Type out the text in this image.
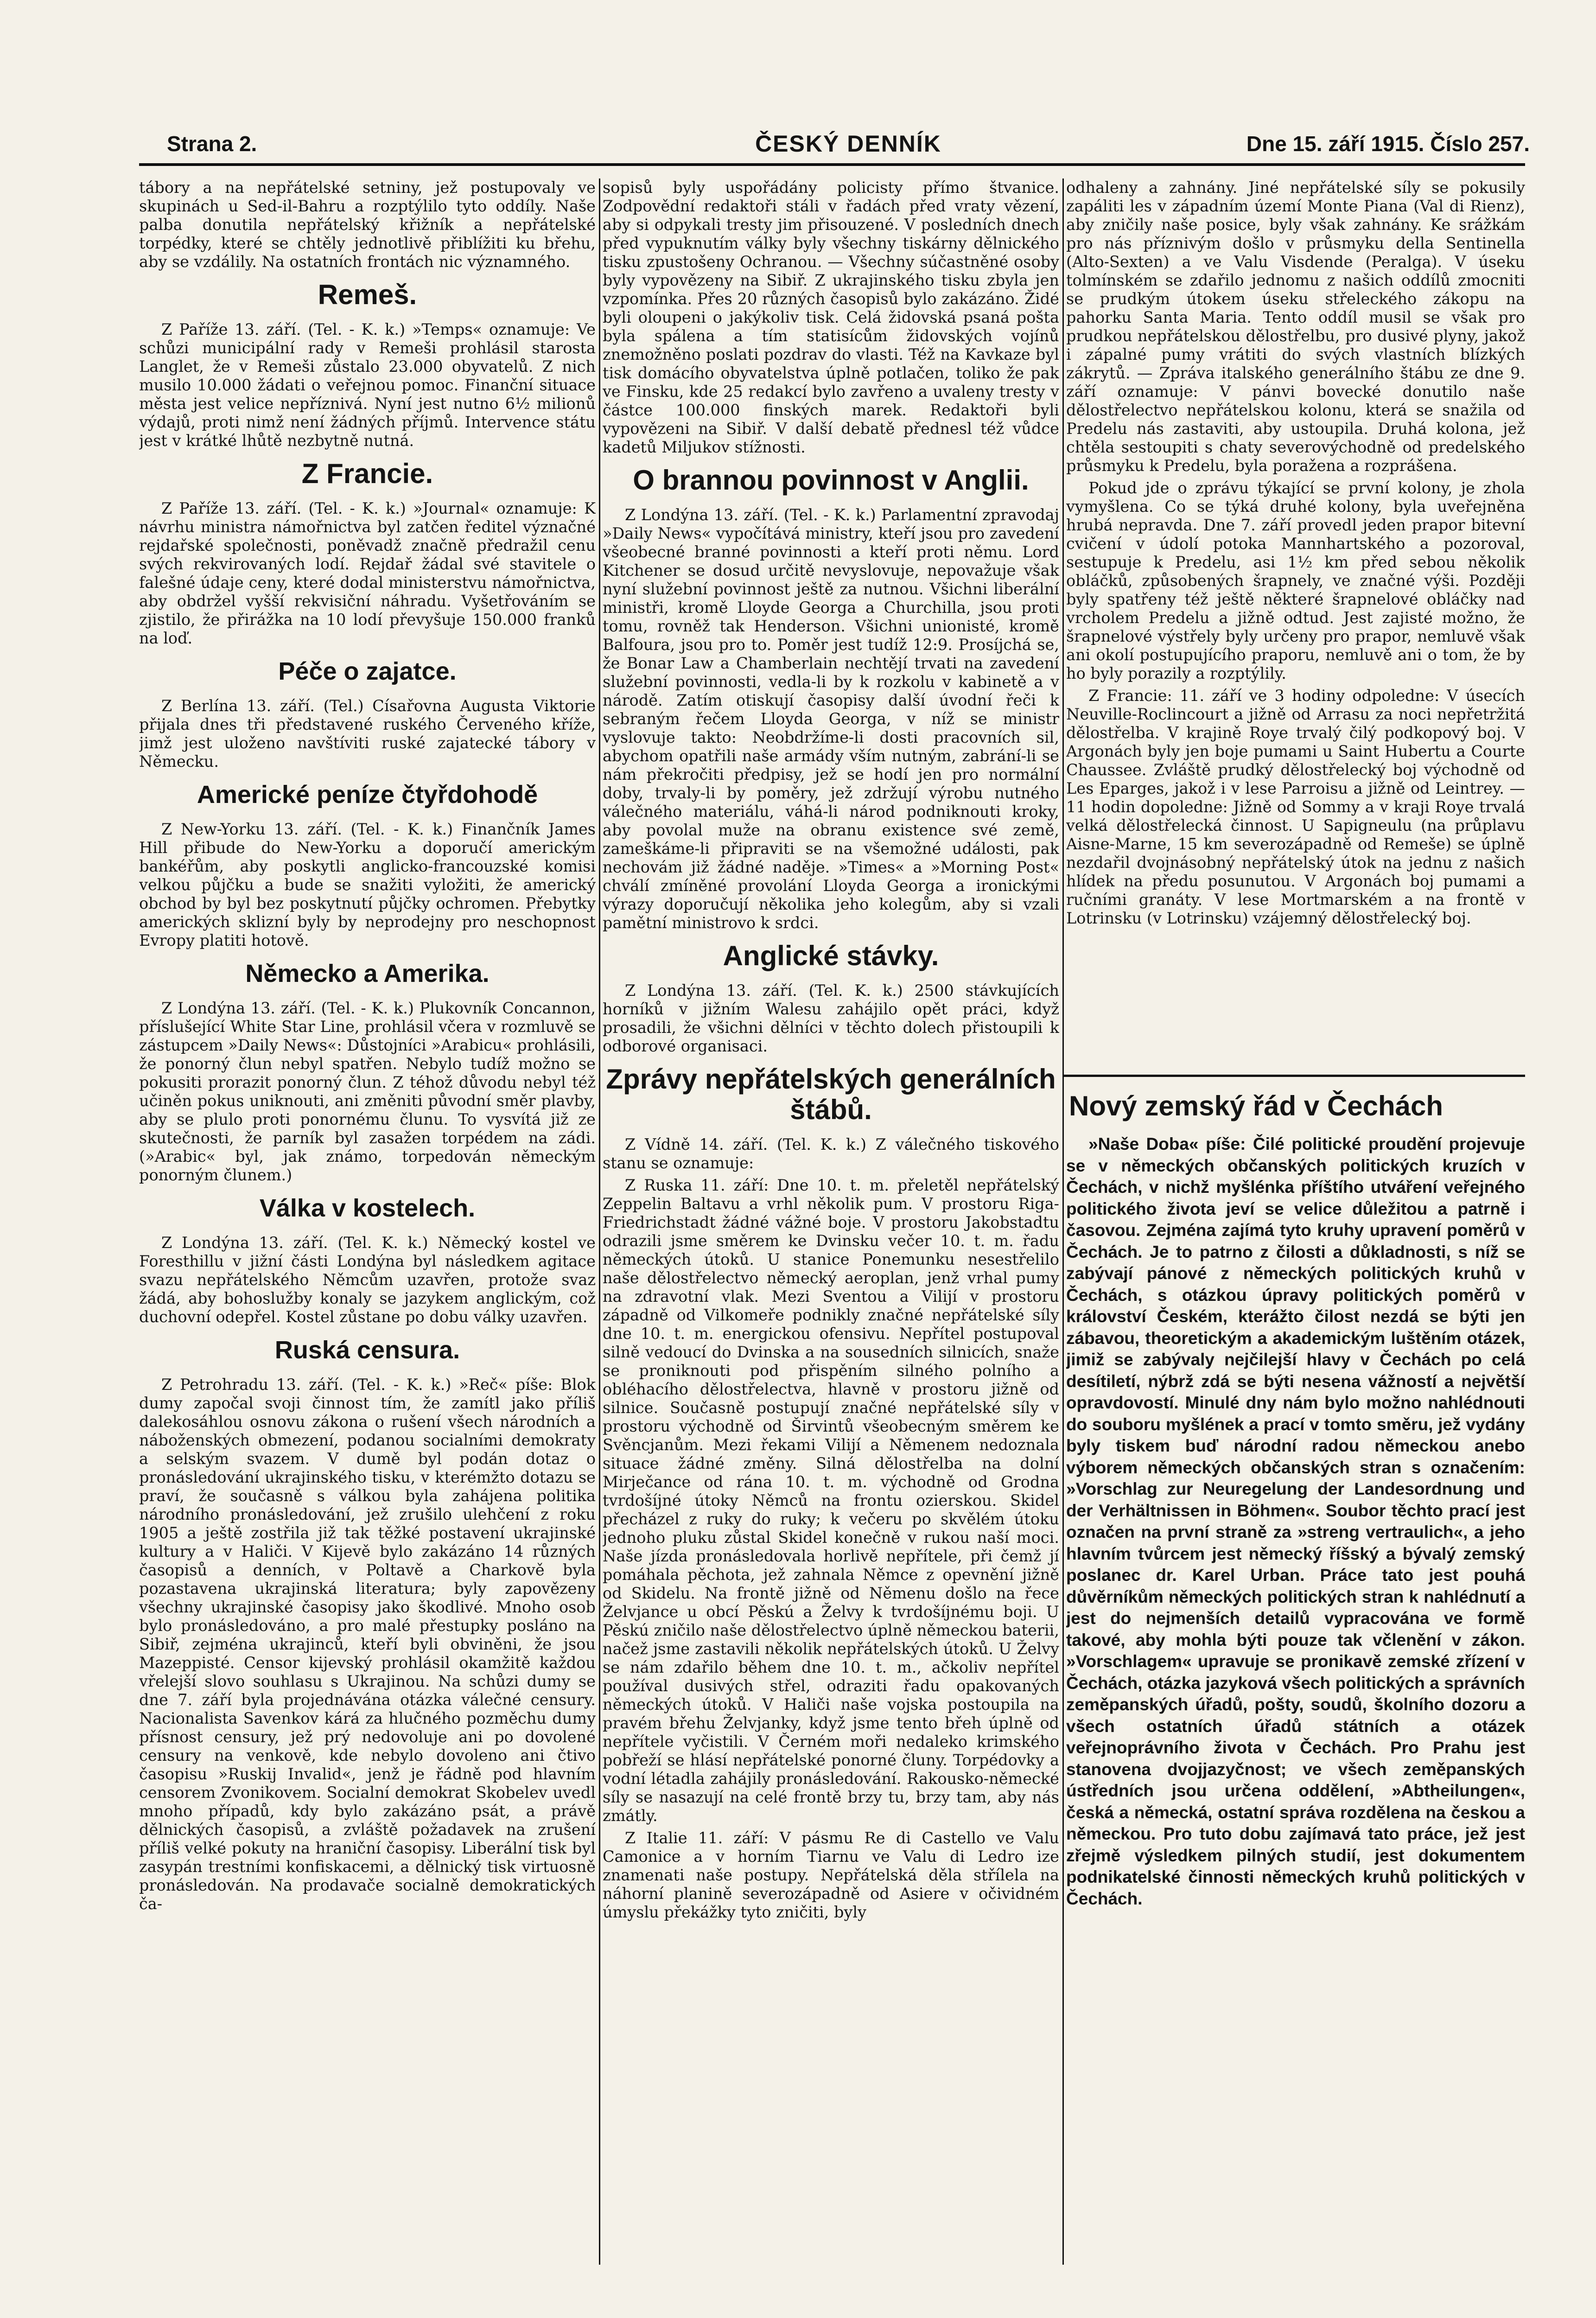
Strana 2.	ČESKÝ DENNÍK	Dne 15. září 1915. Číslo 257.

tábory a na nepřátelské setniny, jež postupovaly ve skupinách u Sed-il-Bahru a rozptýlilo tyto oddíly. Naše palba donutila nepřátelský křižník a nepřátelské torpédky, které se chtěly jednotlivě přiblížiti ku břehu, aby se vzdálily. Na ostatních frontách nic významného.

Remeš.

Z Paříže 13. září. (Tel. - K. k.) »Temps« oznamuje: Ve schůzi municipální rady v Remeši prohlásil starosta Langlet, že v Remeši zůstalo 23.000 obyvatelů. Z nich musilo 10.000 žádati o veřejnou pomoc. Finanční situace města jest velice nepříznivá. Nyní jest nutno 6½ milionů výdajů, proti nimž není žádných příjmů. Intervence státu jest v krátké lhůtě nezbytně nutná.

Z Francie.

Z Paříže 13. září. (Tel. - K. k.) »Journal« oznamuje: K návrhu ministra námořnictva byl zatčen ředitel význačné rejdařské společnosti, poněvadž značně předražil cenu svých rekvirovaných lodí. Rejdař žádal své stavitele o falešné údaje ceny, které dodal ministerstvu námořnictva, aby obdržel vyšší rekvisiční náhradu. Vyšetřováním se zjistilo, že přirážka na 10 lodí převyšuje 150.000 franků na loď.

Péče o zajatce.

Z Berlína 13. září. (Tel.) Císařovna Augusta Viktorie přijala dnes tři představené ruského Červeného kříže, jimž jest uloženo navštíviti ruské zajatecké tábory v Německu.

Americké peníze čtyřdohodě

Z New-Yorku 13. září. (Tel. - K. k.) Finančník James Hill přibude do New-Yorku a doporučí americkým bankéřům, aby poskytli anglicko-francouzské komisi velkou půjčku a bude se snažiti vyložiti, že americký obchod by byl bez poskytnutí půjčky ochromen. Přebytky amerických sklizní byly by neprodejny pro neschopnost Evropy platiti hotově.

Německo a Amerika.

Z Londýna 13. září. (Tel. - K. k.) Plukovník Concannon, příslušející White Star Line, prohlásil včera v rozmluvě se zástupcem »Daily News«: Důstojníci »Arabicu« prohlásili, že ponorný člun nebyl spatřen. Nebylo tudíž možno se pokusiti prorazit ponorný člun. Z téhož důvodu nebyl též učiněn pokus uniknouti, ani změniti původní směr plavby, aby se plulo proti ponornému člunu. To vysvítá již ze skutečnosti, že parník byl zasažen torpédem na zádi. (»Arabic« byl, jak známo, torpedován německým ponorným člunem.)

Válka v kostelech.

Z Londýna 13. září. (Tel. K. k.) Německý kostel ve Foresthillu v jižní části Londýna byl následkem agitace svazu nepřátelského Němcům uzavřen, protože svaz žádá, aby bohoslužby konaly se jazykem anglickým, což duchovní odepřel. Kostel zůstane po dobu války uzavřen.

Ruská censura.

Z Petrohradu 13. září. (Tel. - K. k.) »Reč« píše: Blok dumy započal svoji činnost tím, že zamítl jako příliš dalekosáhlou osnovu zákona o rušení všech národních a náboženských obmezení, podanou socialními demokraty a selským svazem. V dumě byl podán dotaz o pronásledování ukrajinského tisku, v kterémžto dotazu se praví, že současně s válkou byla zahájena politika národního pronásledování, jež zrušilo ulehčení z roku 1905 a ještě zostřila již tak těžké postavení ukrajinské kultury a v Haliči. V Kijevě bylo zakázáno 14 různých časopisů a denních, v Poltavě a Charkově byla pozastavena ukrajinská literatura; byly zapovězeny všechny ukrajinské časopisy jako škodlivé. Mnoho osob bylo pronásledováno, a pro malé přestupky posláno na Sibiř, zejména ukrajinců, kteří byli obviněni, že jsou Mazeppisté. Censor kijevský prohlásil okamžitě každou vřelejší slovo souhlasu s Ukrajinou. Na schůzi dumy se dne 7. září byla projednávána otázka válečné censury. Nacionalista Savenkov kárá za hlučného pozměchu dumy přísnost censury, jež prý nedovoluje ani po dovolené censury na venkově, kde nebylo dovoleno ani čtivo časopisu »Ruskij Invalid«, jenž je řádně pod hlavním censorem Zvonikovem. Socialní demokrat Skobelev uvedl mnoho případů, kdy bylo zakázáno psát, a právě dělnických časopisů, a zvláště požadavek na zrušení příliš velké pokuty na hraniční časopisy. Liberální tisk byl zasypán trestními konfiskacemi, a dělnický tisk virtuosně pronásledován. Na prodavače socialně demokratických ča-

sopisů byly uspořádány policisty přímo štvanice. Zodpovědní redaktoři stáli v řadách před vraty vězení, aby si odpykali tresty jim přisouzené. V posledních dnech před vypuknutím války byly všechny tiskárny dělnického tisku zpustošeny Ochranou. — Všechny súčastněné osoby byly vypovězeny na Sibiř. Z ukrajinského tisku zbyla jen vzpomínka. Přes 20 různých časopisů bylo zakázáno. Židé byli oloupeni o jakýkoliv tisk. Celá židovská psaná pošta byla spálena a tím statisícům židovských vojínů znemožněno poslati pozdrav do vlasti. Též na Kavkaze byl tisk domácího obyvatelstva úplně potlačen, toliko že pak ve Finsku, kde 25 redakcí bylo zavřeno a uvaleny tresty v částce 100.000 finských marek. Redaktoři byli vypovězeni na Sibiř. V další debatě přednesl též vůdce kadetů Miljukov stížnosti.

O brannou povinnost v Anglii.

Z Londýna 13. září. (Tel. - K. k.) Parlamentní zpravodaj »Daily News« vypočítává ministry, kteří jsou pro zavedení všeobecné branné povinnosti a kteří proti němu. Lord Kitchener se dosud určitě nevyslovuje, nepovažuje však nyní služební povinnost ještě za nutnou. Všichni liberální ministři, kromě Lloyde Georga a Churchilla, jsou proti tomu, rovněž tak Henderson. Všichni unionisté, kromě Balfoura, jsou pro to. Poměr jest tudíž 12:9. Prosíjchá se, že Bonar Law a Chamberlain nechtějí trvati na zavedení služební povinnosti, vedla-li by k rozkolu v kabinetě a v národě. Zatím otiskují časopisy další úvodní řeči k sebraným řečem Lloyda Georga, v níž se ministr vyslovuje takto: Neobdržíme-li dosti pracovních sil, abychom opatřili naše armády vším nutným, zabrání-li se nám překročiti předpisy, jež se hodí jen pro normální doby, trvaly-li by poměry, jež zdržují výrobu nutného válečného materiálu, váhá-li národ podniknouti kroky, aby povolal muže na obranu existence své země, zameškáme-li připraviti se na všemožné události, pak nechovám již žádné naděje. »Times« a »Morning Post« chválí zmíněné provolání Lloyda Georga a ironickými výrazy doporučují několika jeho kolegům, aby si vzali pamětní ministrovo k srdci.

Anglické stávky.

Z Londýna 13. září. (Tel. K. k.) 2500 stávkujících horníků v jižním Walesu zahájilo opět práci, když prosadili, že všichni dělníci v těchto dolech přistoupili k odborové organisaci.

Zprávy nepřátelských generálních štábů.

Z Vídně 14. září. (Tel. K. k.) Z válečného tiskového stanu se oznamuje:

Z Ruska 11. září: Dne 10. t. m. přeletěl nepřátelský Zeppelin Baltavu a vrhl několik pum. V prostoru Riga-Friedrichstadt žádné vážné boje. V prostoru Jakobstadtu odrazili jsme směrem ke Dvinsku večer 10. t. m. řadu německých útoků. U stanice Ponemunku nesestřelilo naše dělostřelectvo německý aeroplan, jenž vrhal pumy na zdravotní vlak. Mezi Sventou a Vilijí v prostoru západně od Vilkomeře podnikly značné nepřátelské síly dne 10. t. m. energickou ofensivu. Nepřítel postupoval silně vedoucí do Dvinska a na sousedních silnicích, snaže se proniknouti pod přispěním silného polního a obléhacího dělostřelectva, hlavně v prostoru jižně od silnice. Současně postupují značné nepřátelské síly v prostoru východně od Širvintů všeobecným směrem ke Svěncjanům. Mezi řekami Vilijí a Němenem nedoznala situace žádné změny. Silná dělostřelba na dolní Mirječance od rána 10. t. m. východně od Grodna tvrdošíjné útoky Němců na frontu ozierskou. Skidel přecházel z ruky do ruky; k večeru po skvělém útoku jednoho pluku zůstal Skidel konečně v rukou naší moci. Naše jízda pronásledovala horlivě nepřítele, při čemž jí pomáhala pěchota, jež zahnala Němce z opevnění jižně od Skidelu. Na frontě jižně od Němenu došlo na řece Želvjance u obcí Pěskú a Želvy k tvrdošíjnému boji. U Pěskú zničilo naše dělostřelectvo úplně německou baterii, načež jsme zastavili několik nepřátelských útoků. U Želvy se nám zdařilo během dne 10. t. m., ačkoliv nepřítel používal dusivých střel, odraziti řadu opakovaných německých útoků. V Haliči naše vojska postoupila na pravém břehu Želvjanky, když jsme tento břeh úplně od nepřítele vyčistili. V Černém moři nedaleko krimského pobřeží se hlásí nepřátelské ponorné čluny. Torpédovky a vodní létadla zahájily pronásledování. Rakousko-německé síly se nasazují na celé frontě brzy tu, brzy tam, aby nás zmátly.

Z Italie 11. září: V pásmu Re di Castello ve Valu Camonice a v horním Tiarnu ve Valu di Ledro ize znamenati naše postupy. Nepřátelská děla střílela na náhorní planině severozápadně od Asiere v očividném úmyslu překážky tyto zničiti, byly

odhaleny a zahnány. Jiné nepřátelské síly se pokusily zapáliti les v západním území Monte Piana (Val di Rienz), aby zničily naše posice, byly však zahnány. Ke srážkám pro nás příznivým došlo v průsmyku della Sentinella (Alto-Sexten) a ve Valu Visdende (Peralga). V úseku tolmínském se zdařilo jednomu z našich oddílů zmocniti se prudkým útokem úseku střeleckého zákopu na pahorku Santa Maria. Tento oddíl musil se však pro prudkou nepřátelskou dělostřelbu, pro dusivé plyny, jakož i zápalné pumy vrátiti do svých vlastních blízkých zákrytů. — Zpráva italského generálního štábu ze dne 9. září oznamuje: V pánvi bovecké donutilo naše dělostřelectvo nepřátelskou kolonu, která se snažila od Predelu nás zastaviti, aby ustoupila. Druhá kolona, jež chtěla sestoupiti s chaty severovýchodně od predelského průsmyku k Predelu, byla poražena a rozprášena.

Pokud jde o zprávu týkající se první kolony, je zhola vymyšlena. Co se týká druhé kolony, byla uveřejněna hrubá nepravda. Dne 7. září provedl jeden prapor bitevní cvičení v údolí potoka Mannhartského a pozoroval, sestupuje k Predelu, asi 1½ km před sebou několik obláčků, způsobených šrapnely, ve značné výši. Později byly spatřeny též ještě některé šrapnelové obláčky nad vrcholem Predelu a jižně odtud. Jest zajisté možno, že šrapnelové výstřely byly určeny pro prapor, nemluvě však ani okolí postupujícího praporu, nemluvě ani o tom, že by ho byly porazily a rozptýlily.

Z Francie: 11. září ve 3 hodiny odpoledne: V úsecích Neuville-Roclincourt a jižně od Arrasu za noci nepřetržitá dělostřelba. V krajině Roye trvalý čilý podkopový boj. V Argonách byly jen boje pumami u Saint Hubertu a Courte Chaussee. Zvláště prudký dělostřelecký boj východně od Les Eparges, jakož i v lese Parroisu a jižně od Leintrey. — 11 hodin dopoledne: Jižně od Sommy a v kraji Roye trvalá velká dělostřelecká činnost. U Sapigneulu (na průplavu Aisne-Marne, 15 km severozápadně od Remeše) se úplně nezdařil dvojnásobný nepřátelský útok na jednu z našich hlídek na předu posunutou. V Argonách boj pumami a ručními granáty. V lese Mortmarském a na frontě v Lotrinsku (v Lotrinsku) vzájemný dělostřelecký boj.

Nový zemský řád v Čechách

»Naše Doba« píše: Čilé politické proudění projevuje se v německých občanských politických kruzích v Čechách, v nichž myšlénka příštího utváření veřejného politického života jeví se velice důležitou a patrně i časovou. Zejména zajímá tyto kruhy upravení poměrů v Čechách. Je to patrno z čilosti a důkladnosti, s níž se zabývají pánové z německých politických kruhů v Čechách, s otázkou úpravy politických poměrů v království Českém, kterážto čilost nezdá se býti jen zábavou, theoretickým a akademickým luštěním otázek, jimiž se zabývaly nejčilejší hlavy v Čechách po celá desítiletí, nýbrž zdá se býti nesena vážností a největší opravdovostí. Minulé dny nám bylo možno nahlédnouti do souboru myšlének a prací v tomto směru, jež vydány byly tiskem buď národní radou německou anebo výborem německých občanských stran s označením: »Vorschlag zur Neuregelung der Landesordnung und der Verhältnissen in Böhmen«. Soubor těchto prací jest označen na první straně za »streng vertraulich«, a jeho hlavním tvůrcem jest německý říšský a bývalý zemský poslanec dr. Karel Urban. Práce tato jest pouhá důvěrníkům německých politických stran k nahlédnutí a jest do nejmenších detailů vypracována ve formě takové, aby mohla býti pouze tak včlenění v zákon. »Vorschlagem« upravuje se pronikavě zemské zřízení v Čechách, otázka jazyková všech politických a správních zeměpanských úřadů, pošty, soudů, školního dozoru a všech ostatních úřadů státních a otázek veřejnoprávního života v Čechách. Pro Prahu jest stanovena dvojjazyčnost; ve všech zeměpanských ústředních jsou určena oddělení, »Abtheilungen«, česká a německá, ostatní správa rozdělena na českou a německou. Pro tuto dobu zajímavá tato práce, jež jest zřejmě výsledkem pilných studií, jest dokumentem podnikatelské činnosti německých kruhů politických v Čechách.
